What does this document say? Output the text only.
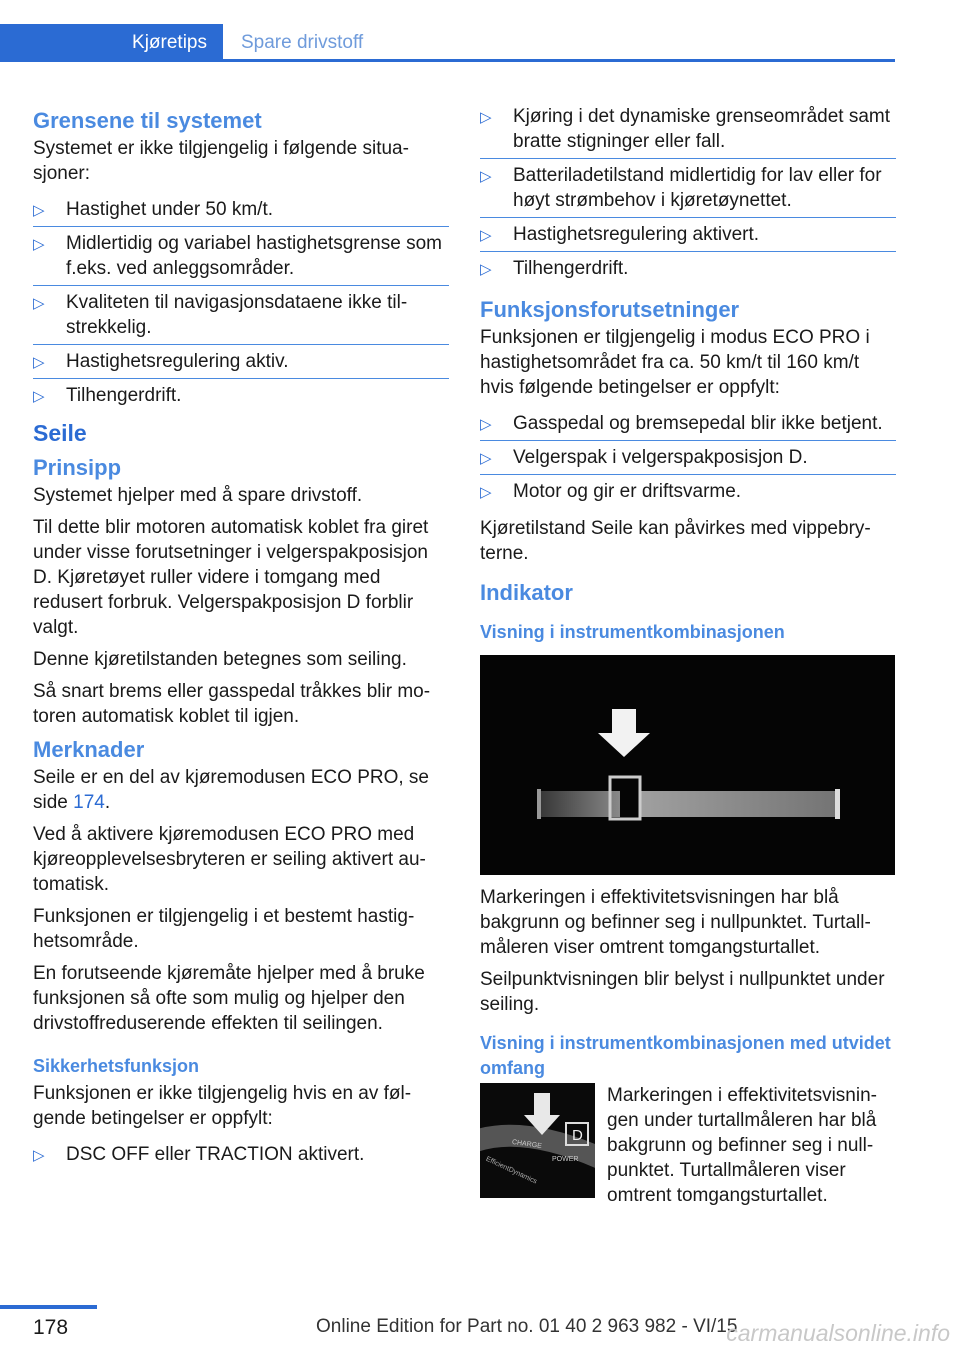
Kjøretips	Spare drivstoff
Grensene til systemet

Systemet er ikke tilgjengelig i følgende situasjoner:

▷ Hastighet under 50 km/t.
▷ Midlertidig og variabel hastighetsgrense som f.eks. ved anleggsområder.
▷ Kvaliteten til navigasjonsdataene ikke tilstrekkelig.
▷ Hastighetsregulering aktiv.
▷ Tilhengerdrift.
Seile
Prinsipp

Systemet hjelper med å spare drivstoff.

Til dette blir motoren automatisk koblet fra giret under visse forutsetninger i velgerspakposisjon D. Kjøretøyet ruller videre i tomgang med redusert forbruk. Velgerspakposisjon D forblir valgt.

Denne kjøretilstanden betegnes som seiling.

Så snart brems eller gasspedal tråkkes blir motoren automatisk koblet til igjen.

Merknader

Seile er en del av kjøremodusen ECO PRO, se side 174.

Ved å aktivere kjøremodusen ECO PRO med kjøreopplevelsesbryteren er seiling aktivert automatisk.

Funksjonen er tilgjengelig i et bestemt hastighetsområde.

En forutseende kjøremåte hjelper med å bruke funksjonen så ofte som mulig og hjelper den drivstoffreduserende effekten til seilingen.

Sikkerhetsfunksjon

Funksjonen er ikke tilgjengelig hvis en av følgende betingelser er oppfylt:

▷ DSC OFF eller TRACTION aktivert.
▷ Kjøring i det dynamiske grenseområdet samt bratte stigninger eller fall.
▷ Batteriladetilstand midlertidig for lav eller for høyt strømbehov i kjøretøynettet.
▷ Hastighetsregulering aktivert.
▷ Tilhengerdrift.
Funksjonsforutsetninger

Funksjonen er tilgjengelig i modus ECO PRO i hastighetsområdet fra ca. 50 km/t til 160 km/t hvis følgende betingelser er oppfylt:

▷ Gasspedal og bremsepedal blir ikke betjent.
▷ Velgerspak i velgerspakposisjon D.
▷ Motor og gir er driftsvarme.

Kjøretilstand Seile kan påvirkes med vippebryterne.

Indikator
Visning i instrumentkombinasjonen

Markeringen i effektivitetsvisningen har blå bakgrunn og befinner seg i nullpunktet. Turtallmåleren viser omtrent tomgangsturtallet.

Seilpunktvisningen blir belyst i nullpunktet under seiling.

Visning i instrumentkombinasjonen med utvidet omfang
D
CHARGE
POWER
EfficientDynamics

Markeringen i effektivitetsvisningen under turtallmåleren har blå bakgrunn og befinner seg i nullpunktet. Turtallmåleren viser omtrent tomgangsturtallet.

178	Online Edition for Part no. 01 40 2 963 982 - VI/15
carmanualsonline.info
